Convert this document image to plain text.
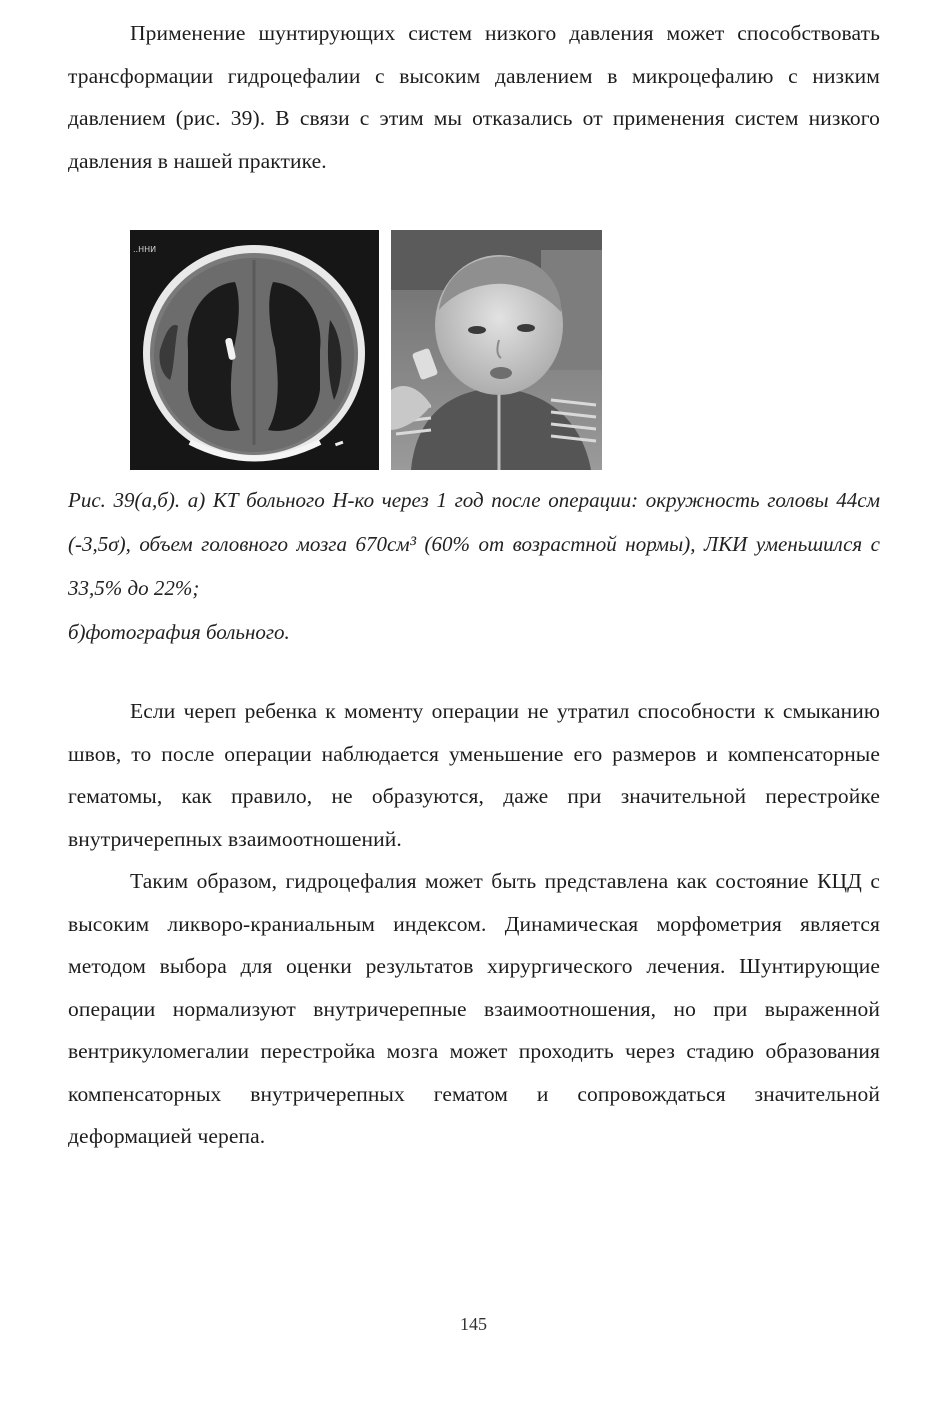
Применение шунтирующих систем низкого давления может способствовать трансформации гидроцефалии с высоким давлением в микроцефалию с низким давлением (рис. 39). В связи с этим мы отказались от применения систем низкого давления в нашей практике.

..ННИ

Рис. 39(а,б). а) КТ больного Н-ко через 1 год после операции: окружность головы 44см (-3,5σ), объем головного мозга 670см³ (60% от возрастной нормы), ЛКИ уменьшился с 33,5% до 22%;

б)фотография больного.

Если череп ребенка к моменту операции не утратил способности к смыканию швов, то после операции наблюдается уменьшение его размеров и компенсаторные гематомы, как правило, не образуются, даже при значительной перестройке внутричерепных взаимоотношений.

Таким образом, гидроцефалия может быть представлена как состояние КЦД с высоким ликворо-краниальным индексом. Динамическая морфометрия является методом выбора для оценки результатов хирургического лечения. Шунтирующие операции нормализуют внутричерепные взаимоотношения, но при выраженной вентрикуломегалии перестройка мозга может проходить через стадию образования компенсаторных внутричерепных гематом и сопровождаться значительной деформацией черепа.

145
